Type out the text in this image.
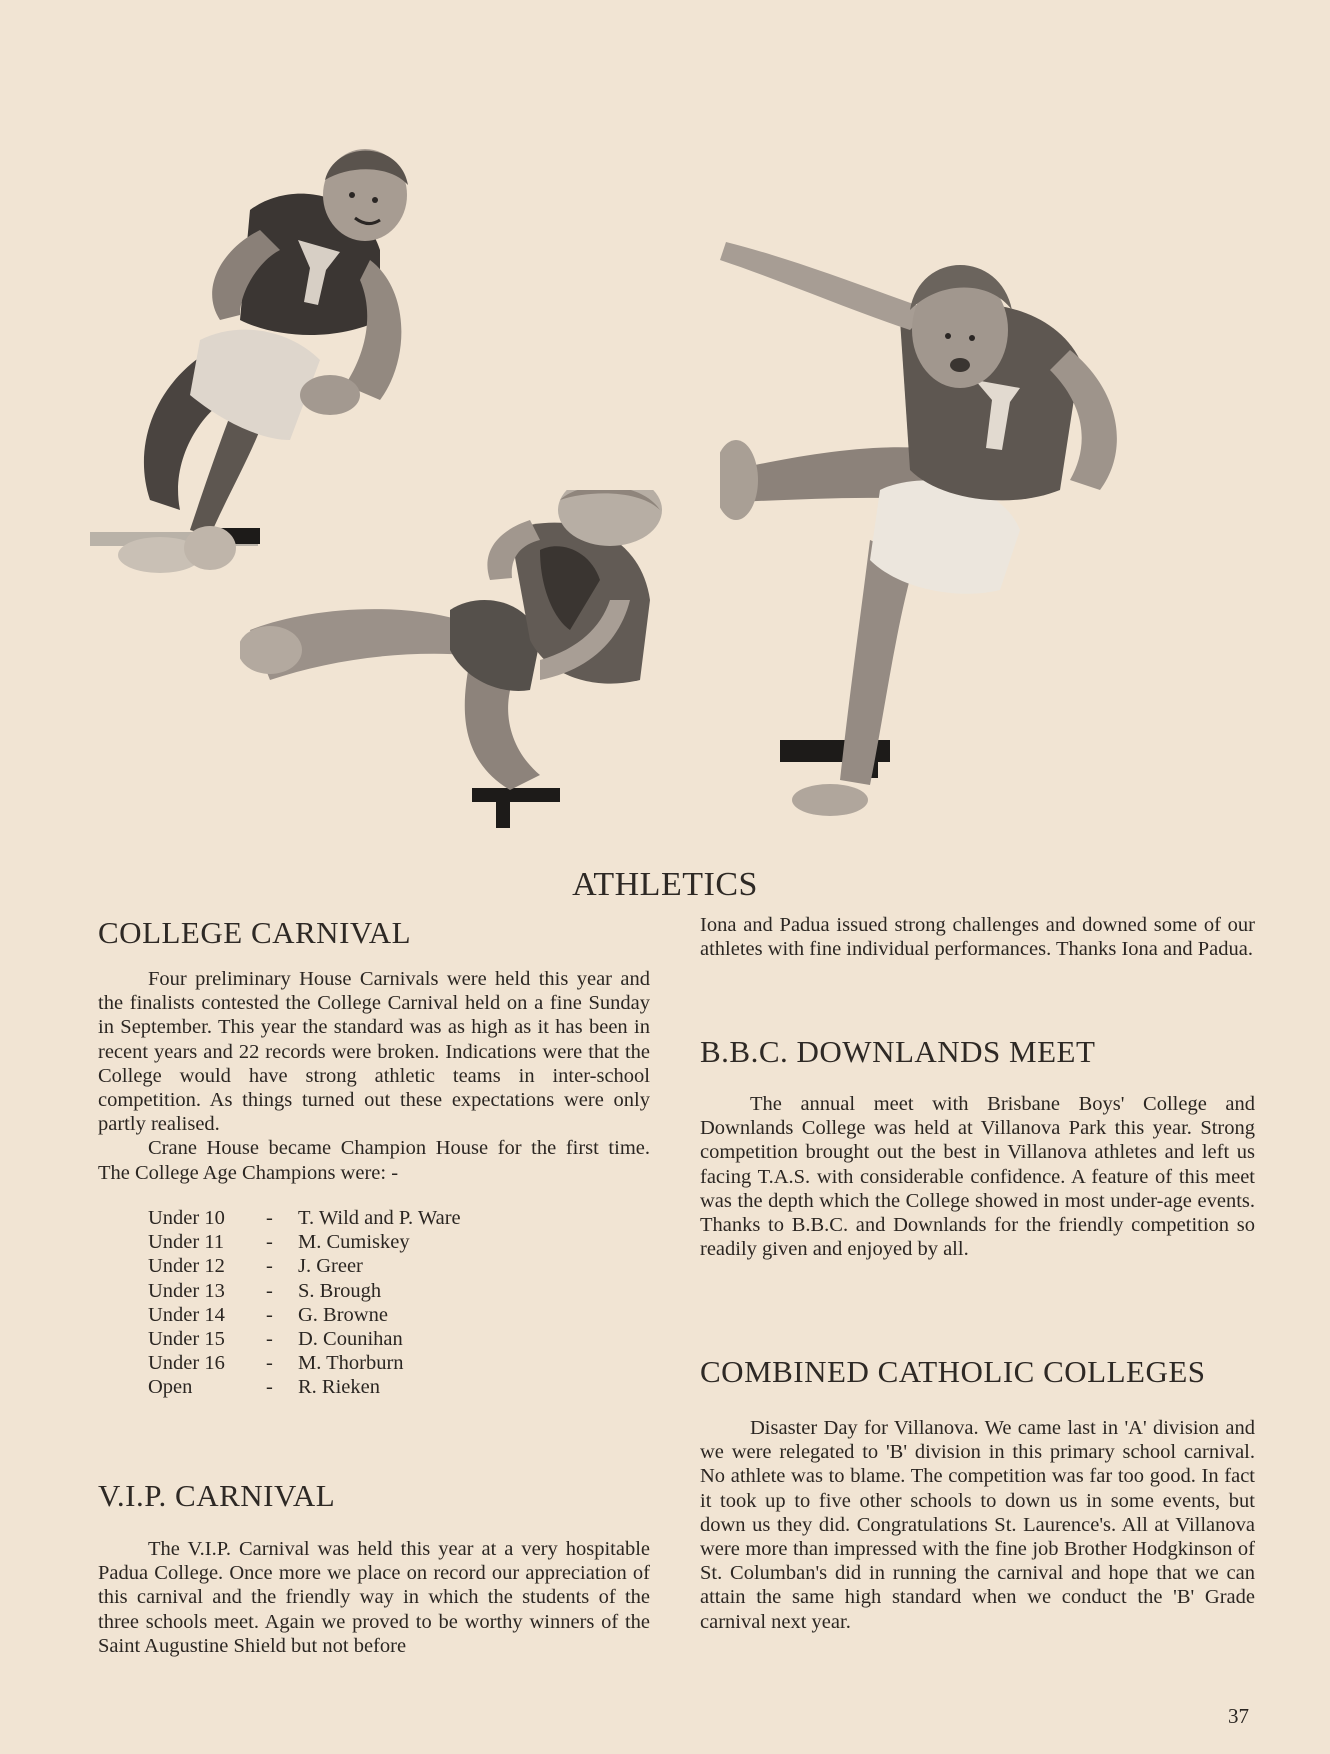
ATHLETICS
COLLEGE CARNIVAL

Four preliminary House Carnivals were held this year and the finalists contested the College Carnival held on a fine Sunday in September. This year the standard was as high as it has been in recent years and 22 records were broken. Indications were that the College would have strong athletic teams in inter-school competition. As things turned out these expectations were only partly realised.

Crane House became Champion House for the first time. The College Age Champions were: -

Under 10	-	T. Wild and P. Ware
Under 11	-	M. Cumiskey
Under 12	-	J. Greer
Under 13	-	S. Brough
Under 14	-	G. Browne
Under 15	-	D. Counihan
Under 16	-	M. Thorburn
Open	-	R. Rieken
V.I.P. CARNIVAL

The V.I.P. Carnival was held this year at a very hospitable Padua College. Once more we place on record our appreciation of this carnival and the friendly way in which the students of the three schools meet. Again we proved to be worthy winners of the Saint Augustine Shield but not before

Iona and Padua issued strong challenges and downed some of our athletes with fine individual performances. Thanks Iona and Padua.

B.B.C. DOWNLANDS MEET

The annual meet with Brisbane Boys' College and Downlands College was held at Villanova Park this year. Strong competition brought out the best in Villanova athletes and left us facing T.A.S. with considerable confidence. A feature of this meet was the depth which the College showed in most under-age events. Thanks to B.B.C. and Downlands for the friendly competition so readily given and enjoyed by all.

COMBINED CATHOLIC COLLEGES

Disaster Day for Villanova. We came last in 'A' division and we were relegated to 'B' division in this primary school carnival. No athlete was to blame. The competition was far too good. In fact it took up to five other schools to down us in some events, but down us they did. Congratulations St. Laurence's. All at Villanova were more than impressed with the fine job Brother Hodgkinson of St. Columban's did in running the carnival and hope that we can attain the same high standard when we conduct the 'B' Grade carnival next year.

37
